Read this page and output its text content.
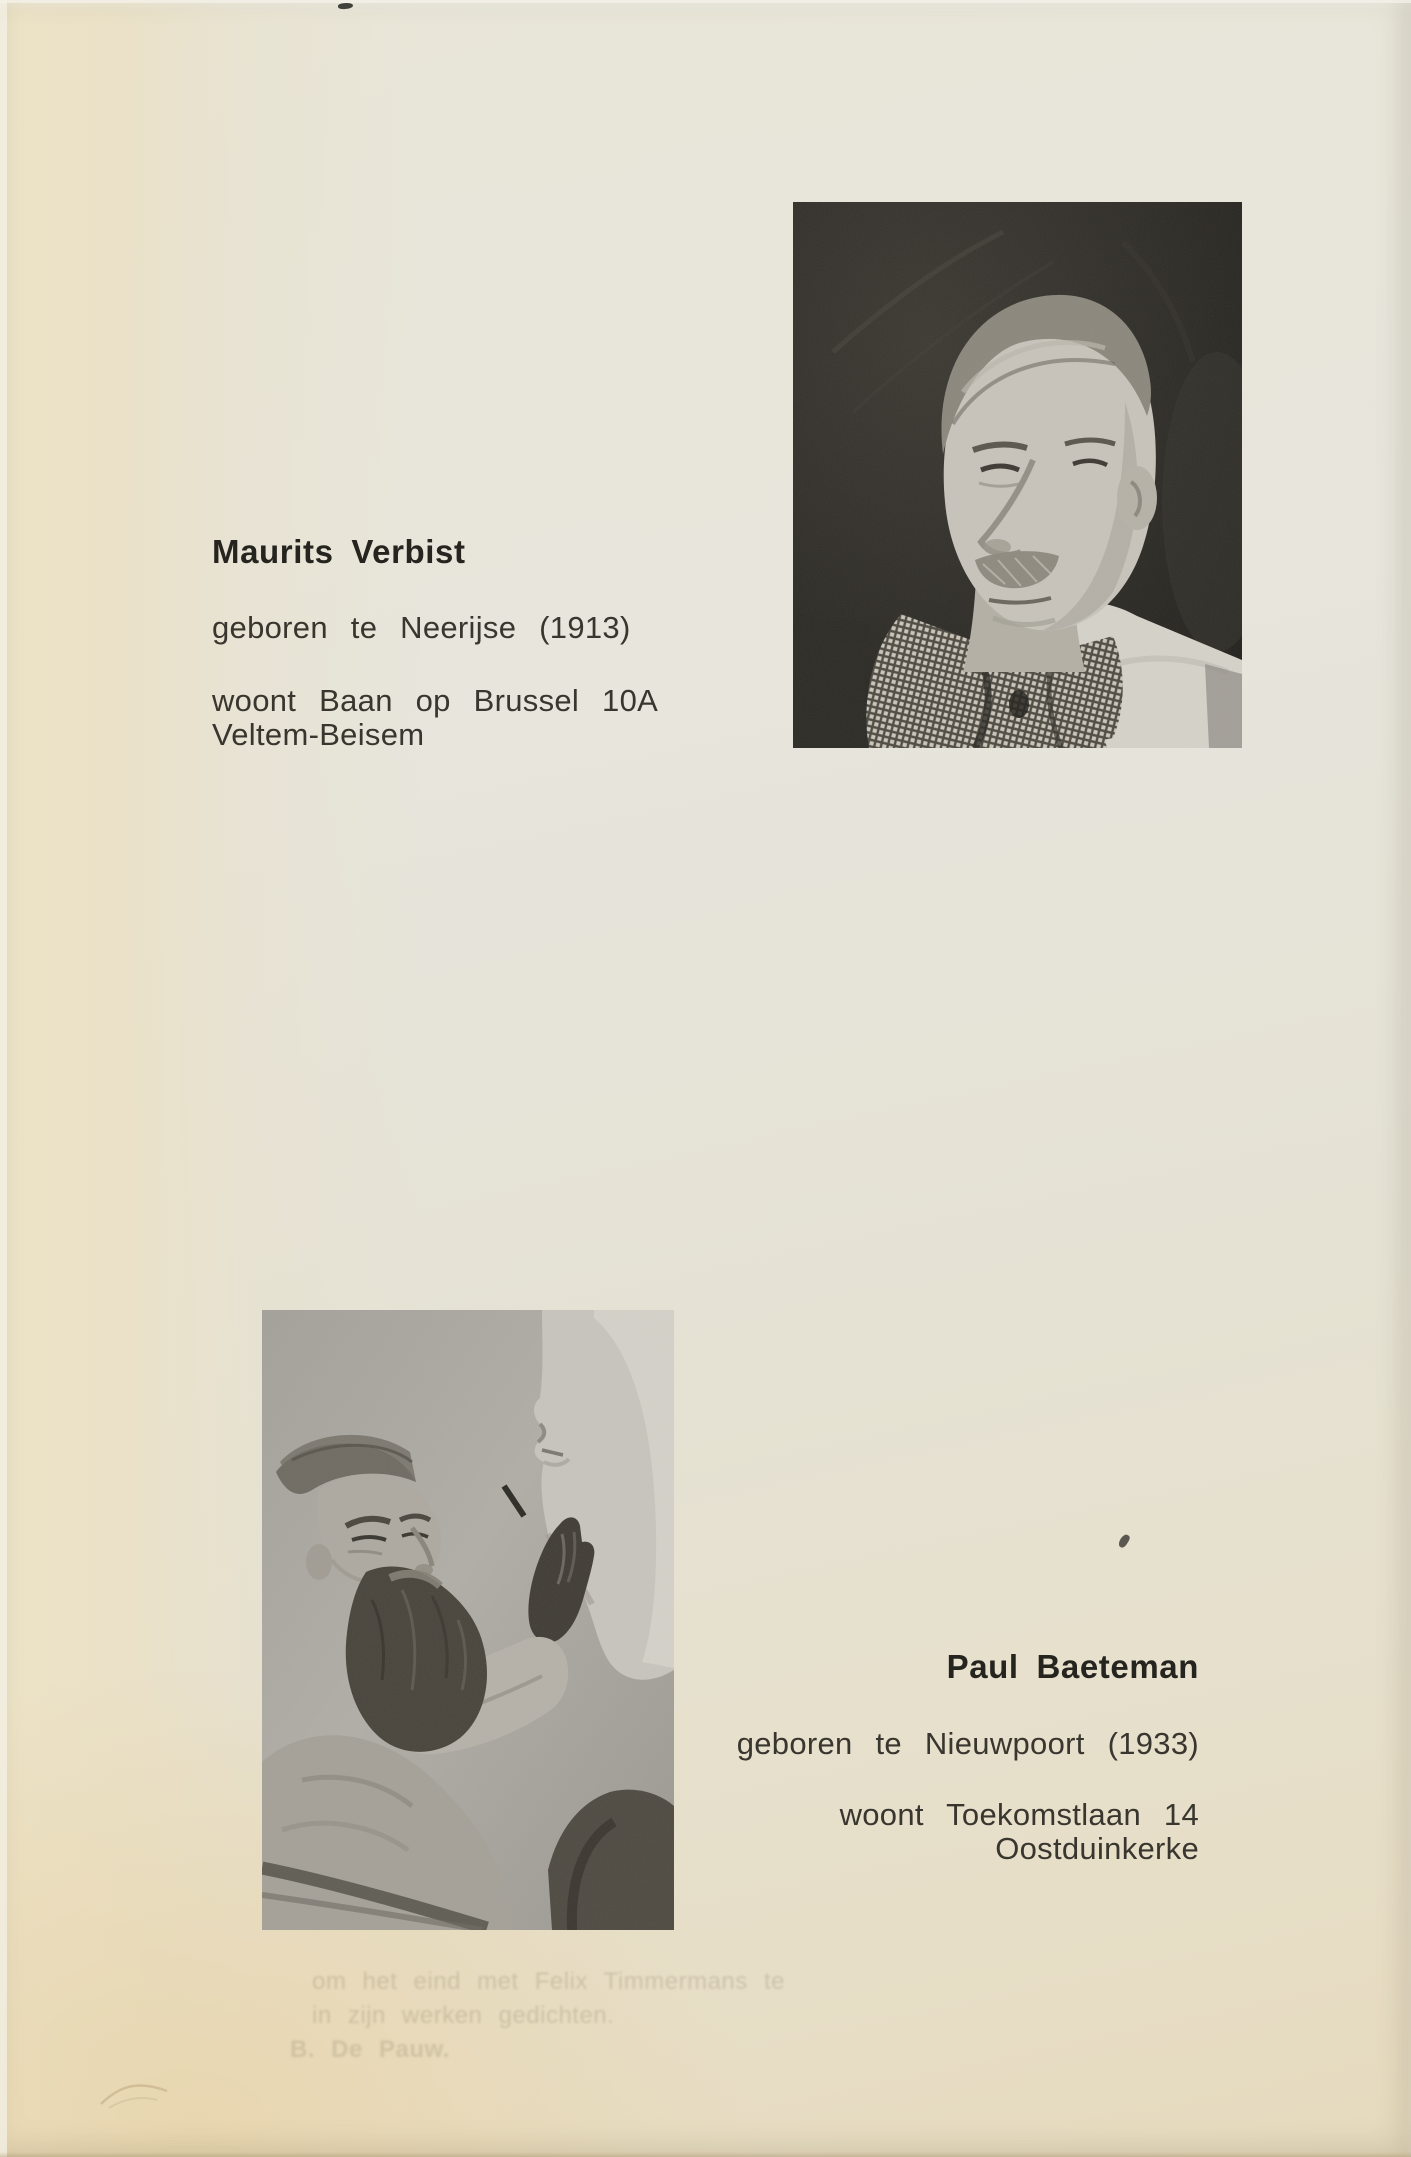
Maurits Verbist
geboren te Neerijse (1913)
woont Baan op Brussel 10A
Veltem-Beisem
Paul Baeteman
geboren te Nieuwpoort (1933)
woont Toekomstlaan 14
Oostduinkerke
om het eind met Felix Timmermans te
in zijn werken gedichten.
B. De Pauw.
